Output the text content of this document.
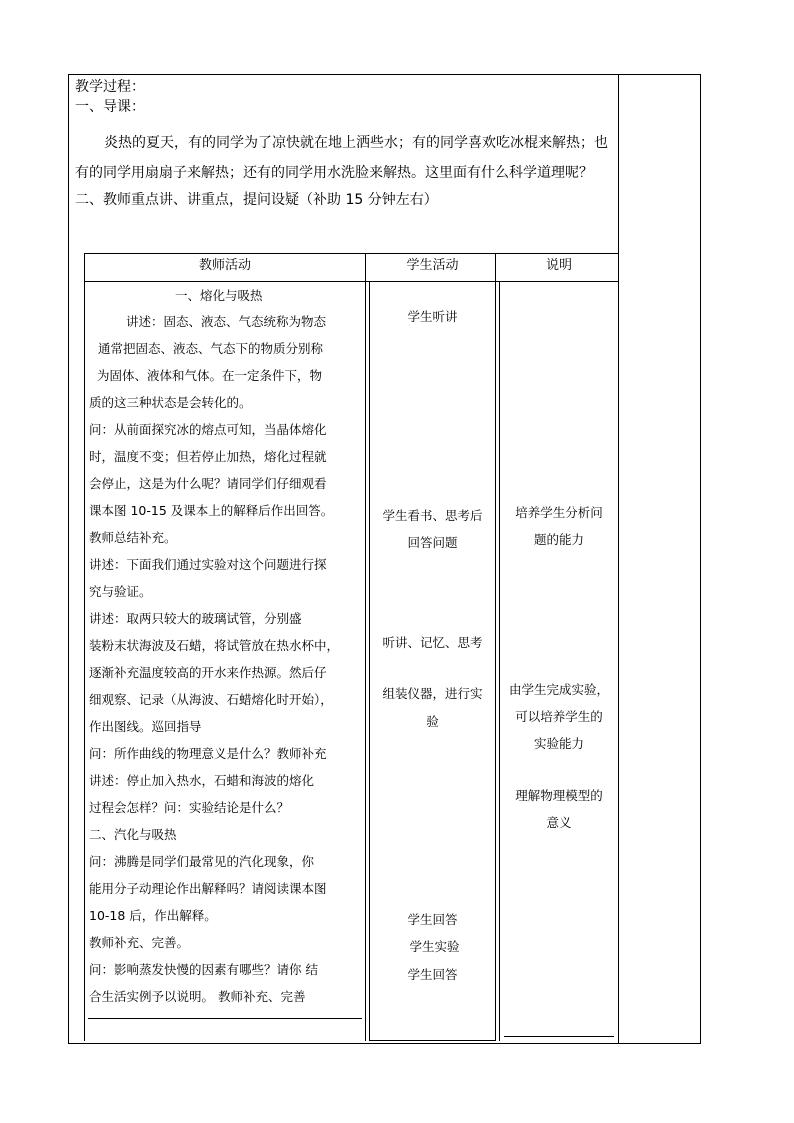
教学过程：
一、导课：
炎热的夏天，有的同学为了凉快就在地上洒些水；有的同学喜欢吃冰棍来解热；也
有的同学用扇扇子来解热；还有的同学用水洗脸来解热。这里面有什么科学道理呢？
二、教师重点讲、讲重点，提问设疑（补助 15 分钟左右）
教师活动	学生活动	说明
一、熔化与吸热
讲述：固态、液态、气态统称为物态
通常把固态、液态、气态下的物质分别称
为固体、液体和气体。在一定条件下，物
质的这三种状态是会转化的。
问：从前面探究冰的熔点可知，当晶体熔化
时，温度不变；但若停止加热，熔化过程就
会停止，这是为什么呢？请同学们仔细观看
课本图 10-15 及课本上的解释后作出回答。
教师总结补充。
讲述：下面我们通过实验对这个问题进行探
究与验证。
讲述：取两只较大的玻璃试管，分别盛
装粉末状海波及石蜡，将试管放在热水杯中，
逐渐补充温度较高的开水来作热源。然后仔
细观察、记录（从海波、石蜡熔化时开始），
作出图线。巡回指导
问：所作曲线的物理意义是什么？教师补充
讲述：停止加入热水，石蜡和海波的熔化
过程会怎样？问：实验结论是什么？
二、汽化与吸热
问：沸腾是同学们最常见的汽化现象，你
能用分子动理论作出解释吗？请阅读课本图
10-18 后，作出解释。
教师补充、完善。
问：影响蒸发快慢的因素有哪些？请你 结
合生活实例予以说明。 教师补充、完善
学生听讲
学生看书、思考后
回答问题
听讲、记忆、思考
组装仪器，进行实
验
学生回答
学生实验
学生回答
培养学生分析问
题的能力
由学生完成实验，
可以培养学生的
实验能力
理解物理模型的
意义
